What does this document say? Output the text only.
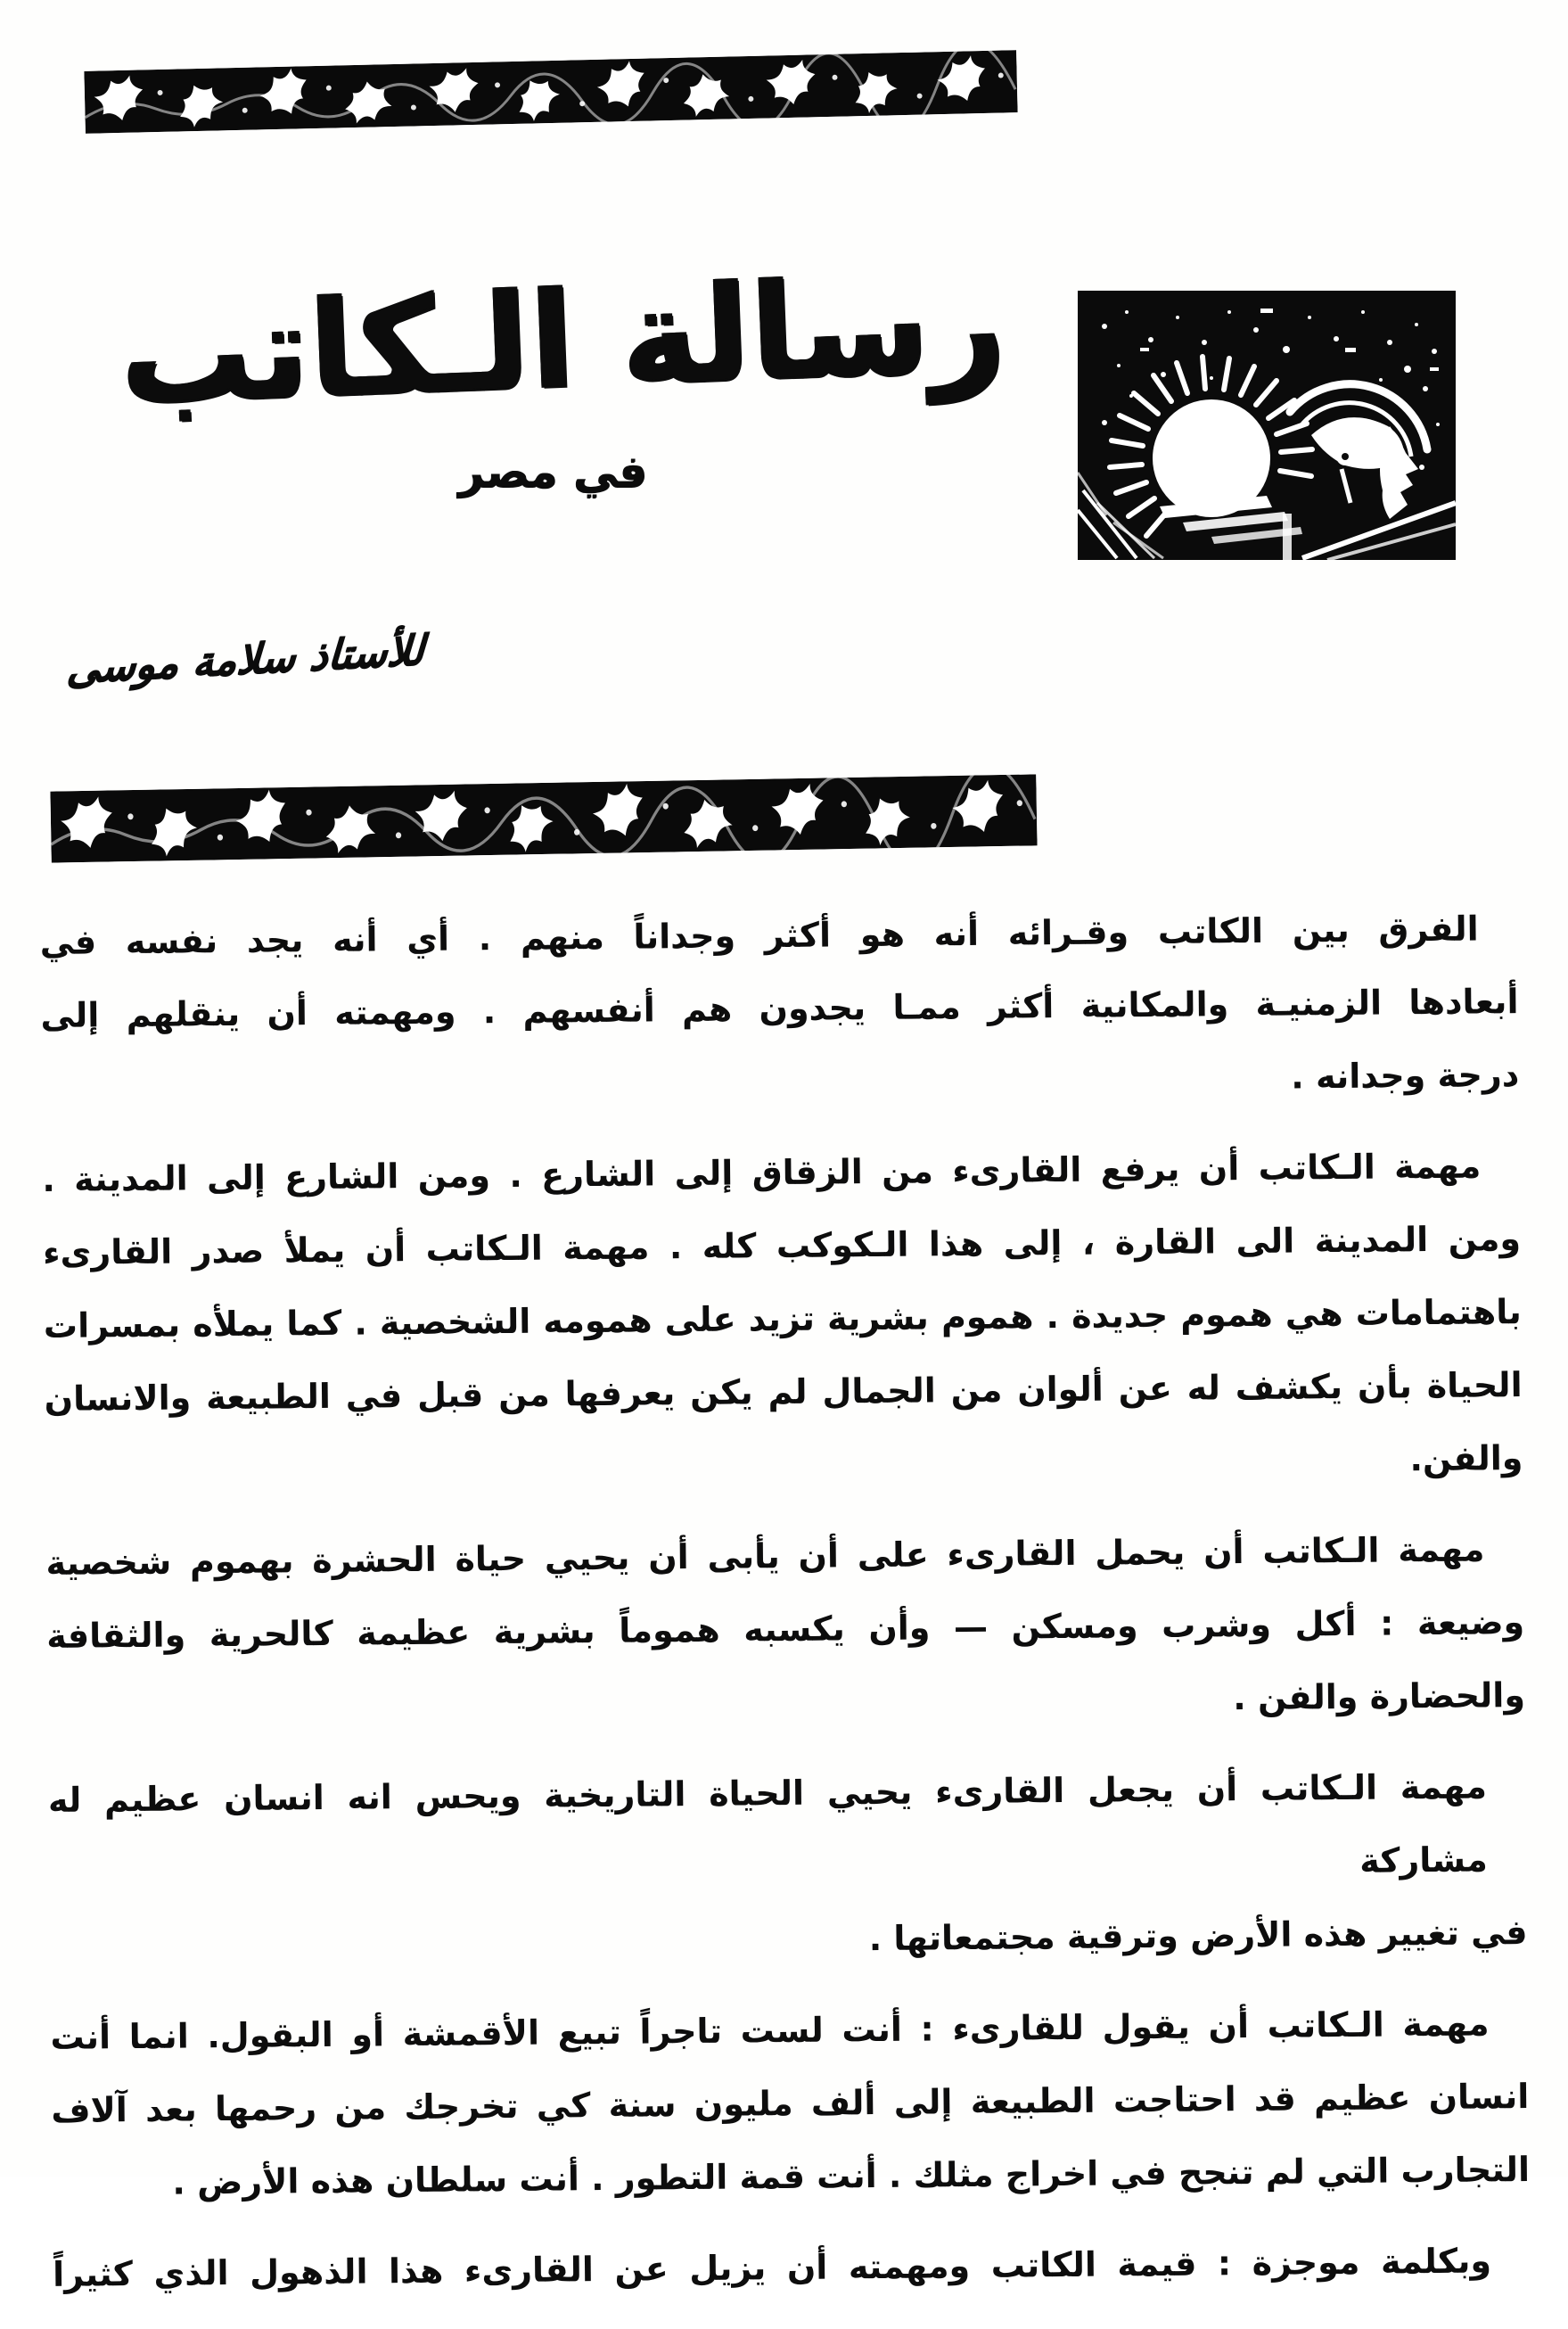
رسالة الـكاتب
في مصر
للأستاذ سلامة موسى
الفرق بين الكاتب وقـرائه أنه هو أكثر وجداناً منهم . أي أنه يجد نفسه في
أبعادها الزمنيـة والمكانية أكثر ممـا يجدون هم أنفسهم . ومهمته أن ينقلهم إلى
درجة وجدانه .
مهمة الـكاتب أن يرفع القارىء من الزقاق إلى الشارع . ومن الشارع إلى المدينة .
ومن المدينة الى القارة ، إلى هذا الـكوكب كله . مهمة الـكاتب أن يملأ صدر القارىء
باهتمامات هي هموم جديدة . هموم بشرية تزيد على همومه الشخصية . كما يملأه بمسرات
الحياة بأن يكشف له عن ألوان من الجمال لم يكن يعرفها من قبل في الطبيعة والانسان والفن.
مهمة الـكاتب أن يحمل القارىء على أن يأبى أن يحيي حياة الحشرة بهموم شخصية
وضيعة : أكل وشرب ومسكن — وأن يكسبه هموماً بشرية عظيمة كالحرية والثقافة
والحضارة والفن .
مهمة الـكاتب أن يجعل القارىء يحيي الحياة التاريخية ويحس انه انسان عظيم له مشاركة
في تغيير هذه الأرض وترقية مجتمعاتها .
مهمة الـكاتب أن يقول للقارىء : أنت لست تاجراً تبيع الأقمشة أو البقول. انما أنت
انسان عظيم قد احتاجت الطبيعة إلى ألف مليون سنة كي تخرجك من رحمها بعد آلاف
التجارب التي لم تنجح في اخراج مثلك . أنت قمة التطور . أنت سلطان هذه الأرض .
وبكلمة موجزة : قيمة الكاتب ومهمته أن يزيل عن القارىء هذا الذهول الذي كثيراً
